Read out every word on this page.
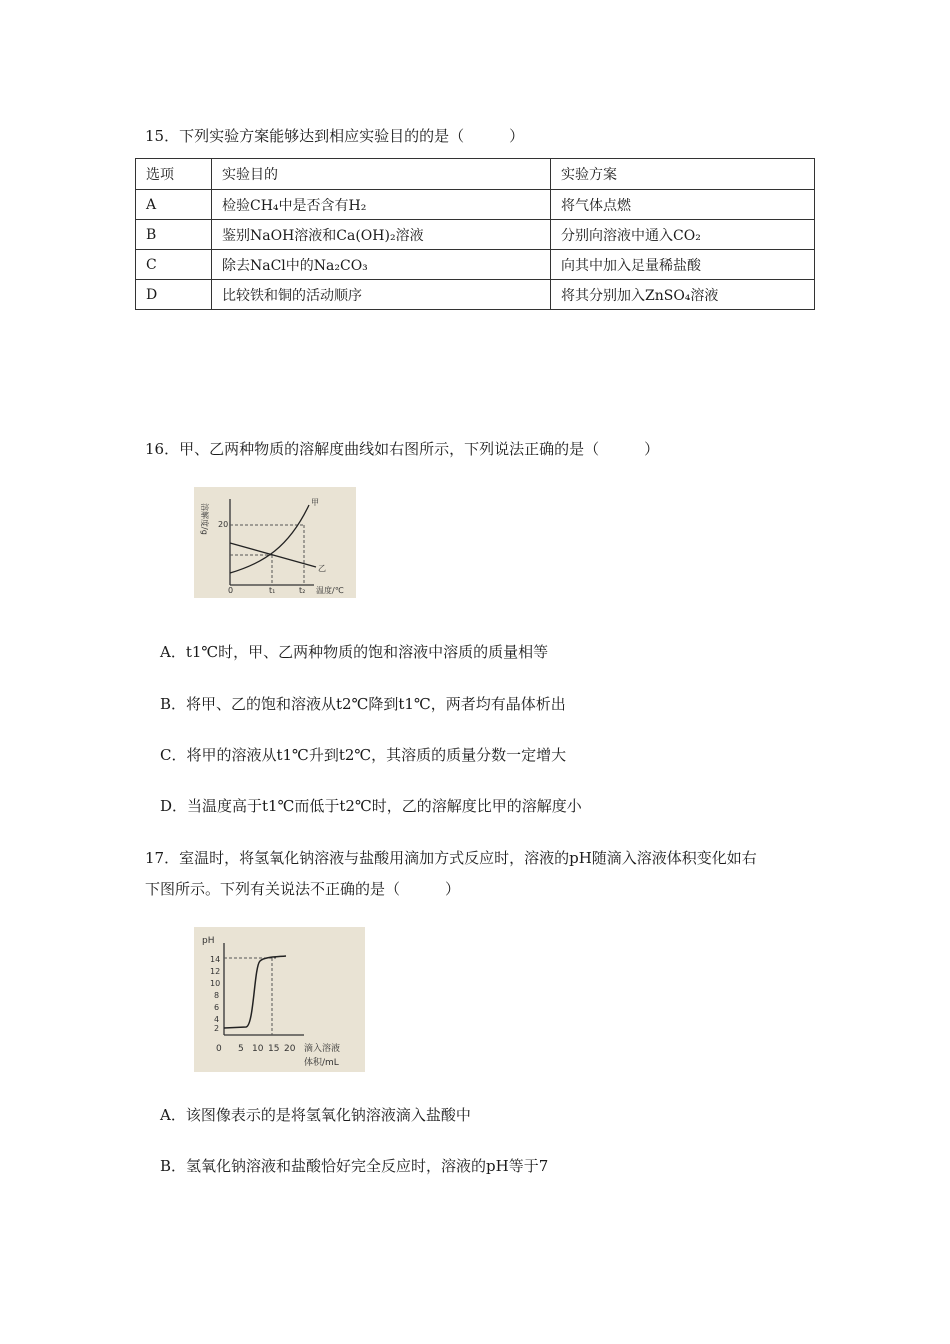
15．下列实验方案能够达到相应实验目的的是（　　　）
选项	实验目的	实验方案
A	检验CH₄中是否含有H₂	将气体点燃
B	鉴别NaOH溶液和Ca(OH)₂溶液	分别向溶液中通入CO₂
C	除去NaCl中的Na₂CO₃	向其中加入足量稀盐酸
D	比较铁和铜的活动顺序	将其分别加入ZnSO₄溶液
16．甲、乙两种物质的溶解度曲线如右图所示，下列说法正确的是（　　　）
溶解度/g 20
0	t₁	t₂ 温度/℃
甲
乙
A．t1℃时，甲、乙两种物质的饱和溶液中溶质的质量相等
B．将甲、乙的饱和溶液从t2℃降到t1℃，两者均有晶体析出
C．将甲的溶液从t1℃升到t2℃，其溶质的质量分数一定增大
D．当温度高于t1℃而低于t2℃时，乙的溶解度比甲的溶解度小
17．室温时，将氢氧化钠溶液与盐酸用滴加方式反应时，溶液的pH随滴入溶液体积变化如右
下图所示。下列有关说法不正确的是（　　　）
pH
14
12
10
8
6
4
2
0 5 10 15 20 滴入溶液
体积/mL
A．该图像表示的是将氢氧化钠溶液滴入盐酸中
B．氢氧化钠溶液和盐酸恰好完全反应时，溶液的pH等于7
